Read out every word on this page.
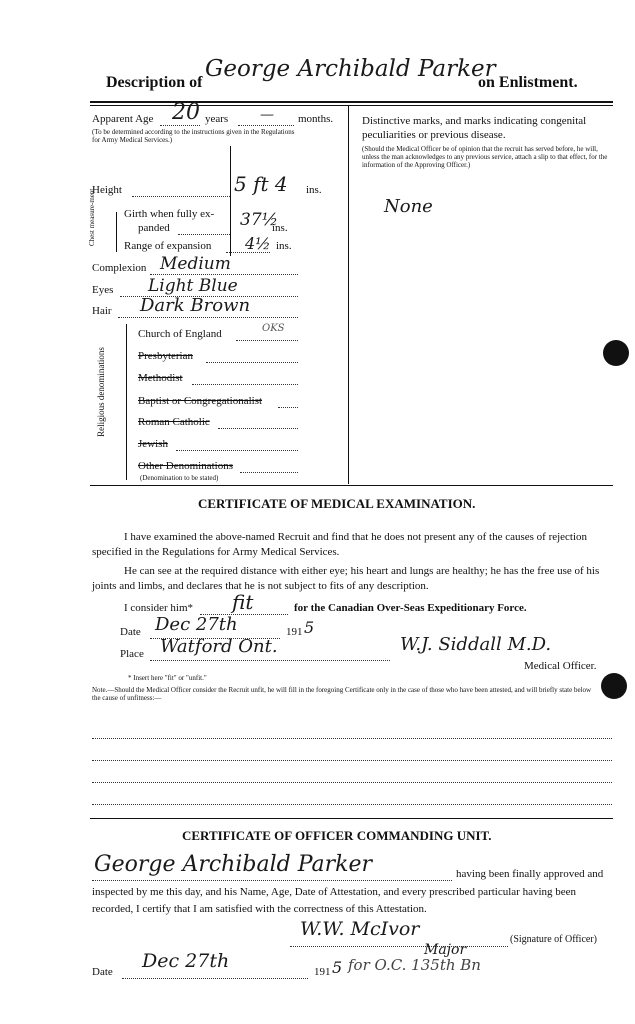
Description of
George Archibald Parker
on Enlistment.
Apparent Age 20 years — months.
(To be determined according to the instructions given in the Regulations for Army Medical Services.)
Height	5 ft 4 ins.
Chest measure-ment.	Girth when fully ex-
panded	37½
ins.
Range of expansion 4½ ins.
Complexion Medium
Eyes Light Blue
Hair Dark Brown
Religious denominations
Church of England	OKS
Presbyterian
Methodist
Baptist or Congregationalist
Roman Catholic
Jewish
Other Denominations
(Denomination to be stated)
Distinctive marks, and marks indicating congenital peculiarities or previous disease.
(Should the Medical Officer be of opinion that the recruit has served before, he will, unless the man acknowledges to any previous service, attach a slip to that effect, for the information of the Approving Officer.)
None
CERTIFICATE OF MEDICAL EXAMINATION.
I have examined the above-named Recruit and find that he does not present any of the causes of rejection specified in the Regulations for Army Medical Services.
He can see at the required distance with either eye; his heart and lungs are healthy; he has the free use of his joints and limbs, and declares that he is not subject to fits of any description.
I consider him* fit	for the Canadian Over-Seas Expeditionary Force.
Date Dec 27th	191 5
Place Watford Ont.	W.J. Siddall M.D.
Medical Officer.
* Insert here "fit" or "unfit."
Note.—Should the Medical Officer consider the Recruit unfit, he will fill in the foregoing Certificate only in the case of those who have been attested, and will briefly state below the cause of unfitness:—
CERTIFICATE OF OFFICER COMMANDING UNIT.
George Archibald Parker	having been finally approved and
inspected by me this day, and his Name, Age, Date of Attestation, and every prescribed particular having been recorded, I certify that I am satisfied with the correctness of this Attestation.
W.W. McIvor
Major
(Signature of Officer)
Date Dec 27th	191 5 for O.C. 135th Bn
